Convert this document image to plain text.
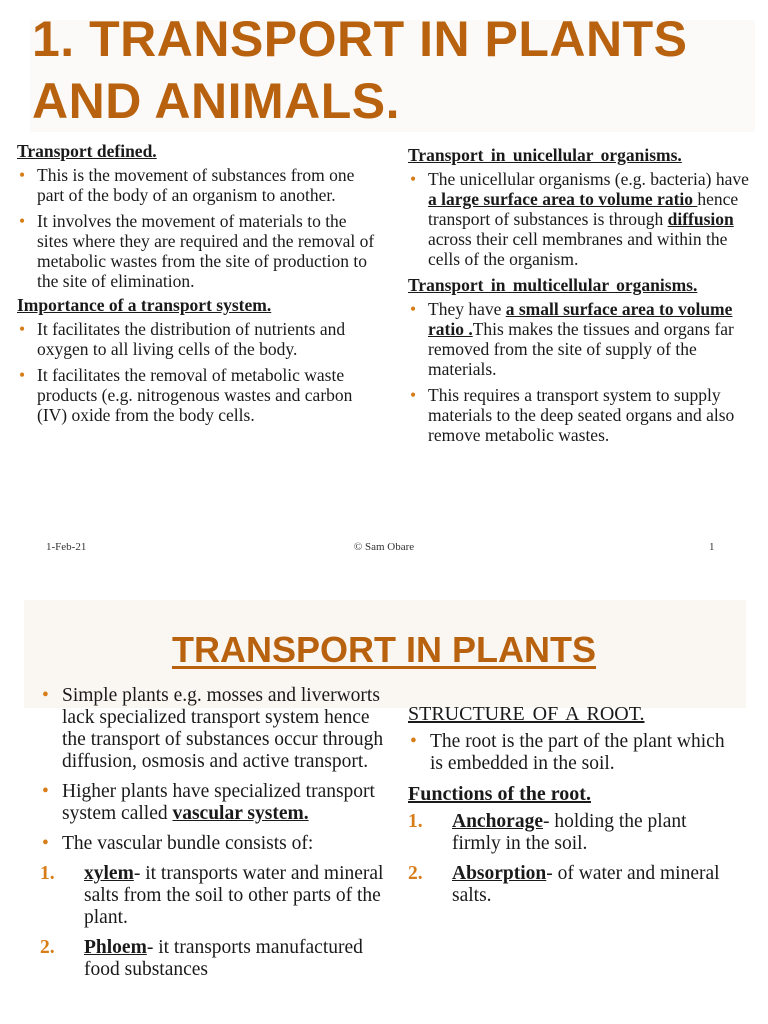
1. TRANSPORT IN PLANTS AND ANIMALS.
Transport defined.
• This is the movement of substances from one part of the body of an organism to another.
• It involves the movement of materials to the sites where they are required and the removal of metabolic wastes from the site of production to the site of elimination.
Importance of a transport system.
• It facilitates the distribution of nutrients and oxygen to all living cells of the body.
• It facilitates the removal of metabolic waste products (e.g. nitrogenous wastes and carbon (IV) oxide from the body cells.
Transport in unicellular organisms.
• The unicellular organisms (e.g. bacteria) have a large surface area to volume ratio hence transport of substances is through diffusion across their cell membranes and within the cells of the organism.
Transport in multicellular organisms.
• They have a small surface area to volume ratio .This makes the tissues and organs far removed from the site of supply of the materials.
• This requires a transport system to supply materials to the deep seated organs and also remove metabolic wastes.
1-Feb-21	© Sam Obare	1
TRANSPORT IN PLANTS
• Simple plants e.g. mosses and liverworts lack specialized transport system hence the transport of substances occur through diffusion, osmosis and active transport.
• Higher plants have specialized transport system called vascular system.
• The vascular bundle consists of:
1. xylem- it transports water and mineral salts from the soil to other parts of the plant.
2. Phloem- it transports manufactured food substances
STRUCTURE OF A ROOT.
• The root is the part of the plant which is embedded in the soil.
Functions of the root.
1. Anchorage- holding the plant firmly in the soil.
2. Absorption- of water and mineral salts.
